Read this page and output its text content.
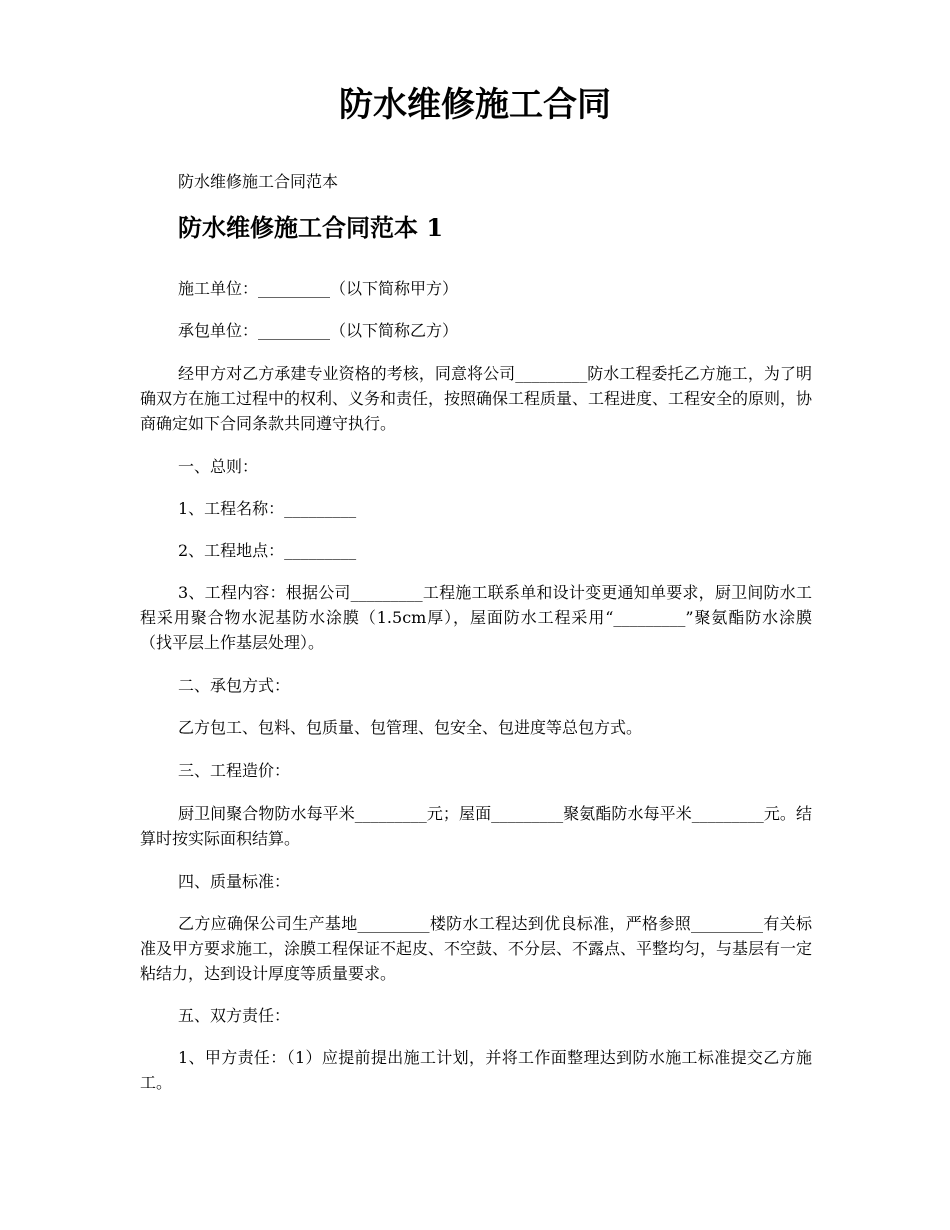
防水维修施工合同

防水维修施工合同范本

防水维修施工合同范本 1

施工单位：_________（以下简称甲方）

承包单位：_________（以下简称乙方）

经甲方对乙方承建专业资格的考核，同意将公司_________防水工程委托乙方施工，为了明确双方在施工过程中的权利、义务和责任，按照确保工程质量、工程进度、工程安全的原则，协商确定如下合同条款共同遵守执行。

一、总则：

1、工程名称：_________

2、工程地点：_________

3、工程内容：根据公司_________工程施工联系单和设计变更通知单要求，厨卫间防水工程采用聚合物水泥基防水涂膜（1.5cm厚），屋面防水工程采用“_________”聚氨酯防水涂膜（找平层上作基层处理）。

二、承包方式：

乙方包工、包料、包质量、包管理、包安全、包进度等总包方式。

三、工程造价：

厨卫间聚合物防水每平米_________元；屋面_________聚氨酯防水每平米_________元。结算时按实际面积结算。

四、质量标准：

乙方应确保公司生产基地_________楼防水工程达到优良标准，严格参照_________有关标准及甲方要求施工，涂膜工程保证不起皮、不空鼓、不分层、不露点、平整均匀，与基层有一定粘结力，达到设计厚度等质量要求。

五、双方责任：

1、甲方责任：（1）应提前提出施工计划，并将工作面整理达到防水施工标准提交乙方施工。
